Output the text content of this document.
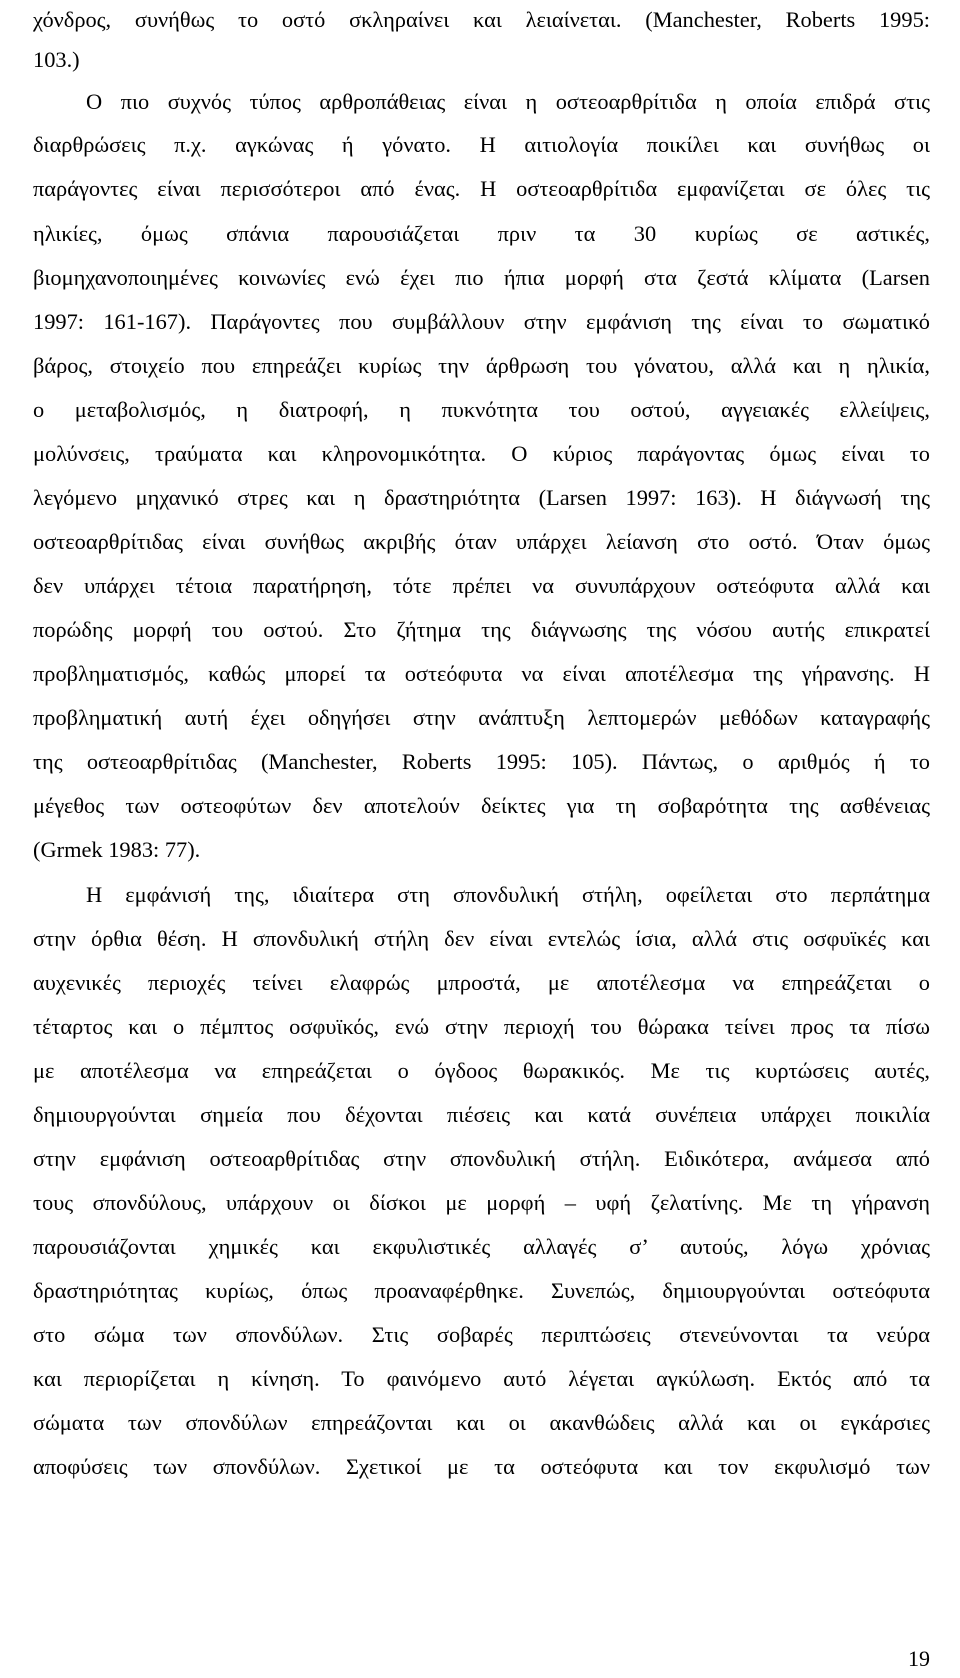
χόνδρος, συνήθως το οστό σκληραίνει και λειαίνεται. (Manchester, Roberts 1995:
103.)
Ο πιο συχνός τύπος αρθροπάθειας είναι η οστεοαρθρίτιδα η οποία επιδρά στις
διαρθρώσεις π.χ. αγκώνας ή γόνατο. Η αιτιολογία ποικίλει και συνήθως οι
παράγοντες είναι περισσότεροι από ένας. Η οστεοαρθρίτιδα εμφανίζεται σε όλες τις
ηλικίες, όμως σπάνια παρουσιάζεται πριν τα 30 κυρίως σε αστικές,
βιομηχανοποιημένες κοινωνίες ενώ έχει πιο ήπια μορφή στα ζεστά κλίματα (Larsen
1997: 161-167). Παράγοντες που συμβάλλουν στην εμφάνιση της είναι το σωματικό
βάρος, στοιχείο που επηρεάζει κυρίως την άρθρωση του γόνατου, αλλά και η ηλικία,
ο μεταβολισμός, η διατροφή, η πυκνότητα του οστού, αγγειακές ελλείψεις,
μολύνσεις, τραύματα και κληρονομικότητα. Ο κύριος παράγοντας όμως είναι το
λεγόμενο μηχανικό στρες και η δραστηριότητα (Larsen 1997: 163). Η διάγνωσή της
οστεοαρθρίτιδας είναι συνήθως ακριβής όταν υπάρχει λείανση στο οστό. Όταν όμως
δεν υπάρχει τέτοια παρατήρηση, τότε πρέπει να συνυπάρχουν οστεόφυτα αλλά και
πορώδης μορφή του οστού. Στο ζήτημα της διάγνωσης της νόσου αυτής επικρατεί
προβληματισμός, καθώς μπορεί τα οστεόφυτα να είναι αποτέλεσμα της γήρανσης. Η
προβληματική αυτή έχει οδηγήσει στην ανάπτυξη λεπτομερών μεθόδων καταγραφής
της οστεοαρθρίτιδας (Manchester, Roberts 1995: 105). Πάντως, ο αριθμός ή το
μέγεθος των οστεοφύτων δεν αποτελούν δείκτες για τη σοβαρότητα της ασθένειας
(Grmek 1983: 77).
Η εμφάνισή της, ιδιαίτερα στη σπονδυλική στήλη, οφείλεται στο περπάτημα
στην όρθια θέση. Η σπονδυλική στήλη δεν είναι εντελώς ίσια, αλλά στις οσφυϊκές και
αυχενικές περιοχές τείνει ελαφρώς μπροστά, με αποτέλεσμα να επηρεάζεται ο
τέταρτος και ο πέμπτος οσφυϊκός, ενώ στην περιοχή του θώρακα τείνει προς τα πίσω
με αποτέλεσμα να επηρεάζεται ο όγδοος θωρακικός. Με τις κυρτώσεις αυτές,
δημιουργούνται σημεία που δέχονται πιέσεις και κατά συνέπεια υπάρχει ποικιλία
στην εμφάνιση οστεοαρθρίτιδας στην σπονδυλική στήλη. Ειδικότερα, ανάμεσα από
τους σπονδύλους, υπάρχουν οι δίσκοι με μορφή – υφή ζελατίνης. Με τη γήρανση
παρουσιάζονται χημικές και εκφυλιστικές αλλαγές σ’ αυτούς, λόγω χρόνιας
δραστηριότητας κυρίως, όπως προαναφέρθηκε. Συνεπώς, δημιουργούνται οστεόφυτα
στο σώμα των σπονδύλων. Στις σοβαρές περιπτώσεις στενεύνονται τα νεύρα
και περιορίζεται η κίνηση. Το φαινόμενο αυτό λέγεται αγκύλωση. Εκτός από τα
σώματα των σπονδύλων επηρεάζονται και οι ακανθώδεις αλλά και οι εγκάρσιες
αποφύσεις των σπονδύλων. Σχετικοί με τα οστεόφυτα και τον εκφυλισμό των
19
